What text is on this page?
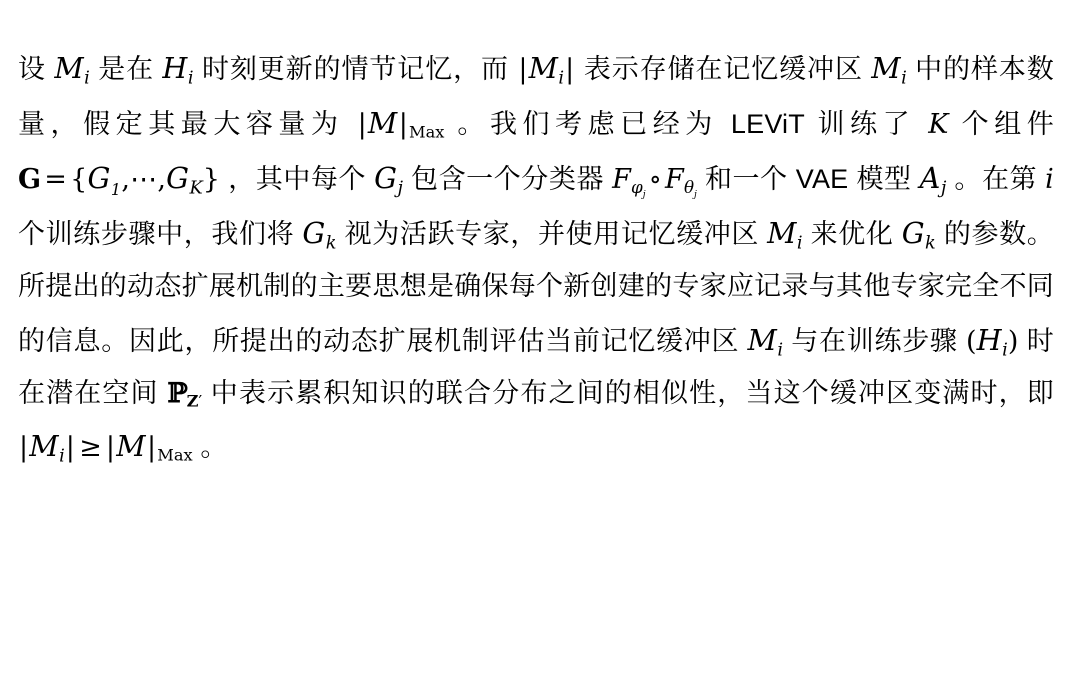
设 $M_i$ 是在 $H_i$ 时刻更新的情节记忆，而 $|M_i|$ 表示存储在记忆缓冲区 $M_i$ 中的样本数量，假定其最大容量为 $|M|_{Max}$ 。我们考虑已经为 LEViT 训练了 K 个组件 $G = \{G_1,\cdots,G_K\}$ ，其中每个 $G_j$ 包含一个分类器 $F_{\varphi_j}$ ∘ $F_{\theta_j}$ 和一个 VAE 模型 $A_j$ 。在第 i 个训练步骤中，我们将 $G_k$ 视为活跃专家，并使用记忆缓冲区 $M_i$ 来优化 $G_k$ 的参数。所提出的动态扩展机制的主要思想是确保每个新创建的专家应记录与其他专家完全不同的信息。因此，所提出的动态扩展机制评估当前记忆缓冲区 $M_i$ 与在训练步骤 $(H_i)$ 时在潜在空间 ℙ$_{Z'}$ 中表示累积知识的联合分布之间的相似性，当这个缓冲区变满时，即 $|M_i| \ge |M|_{Max}$ 。
